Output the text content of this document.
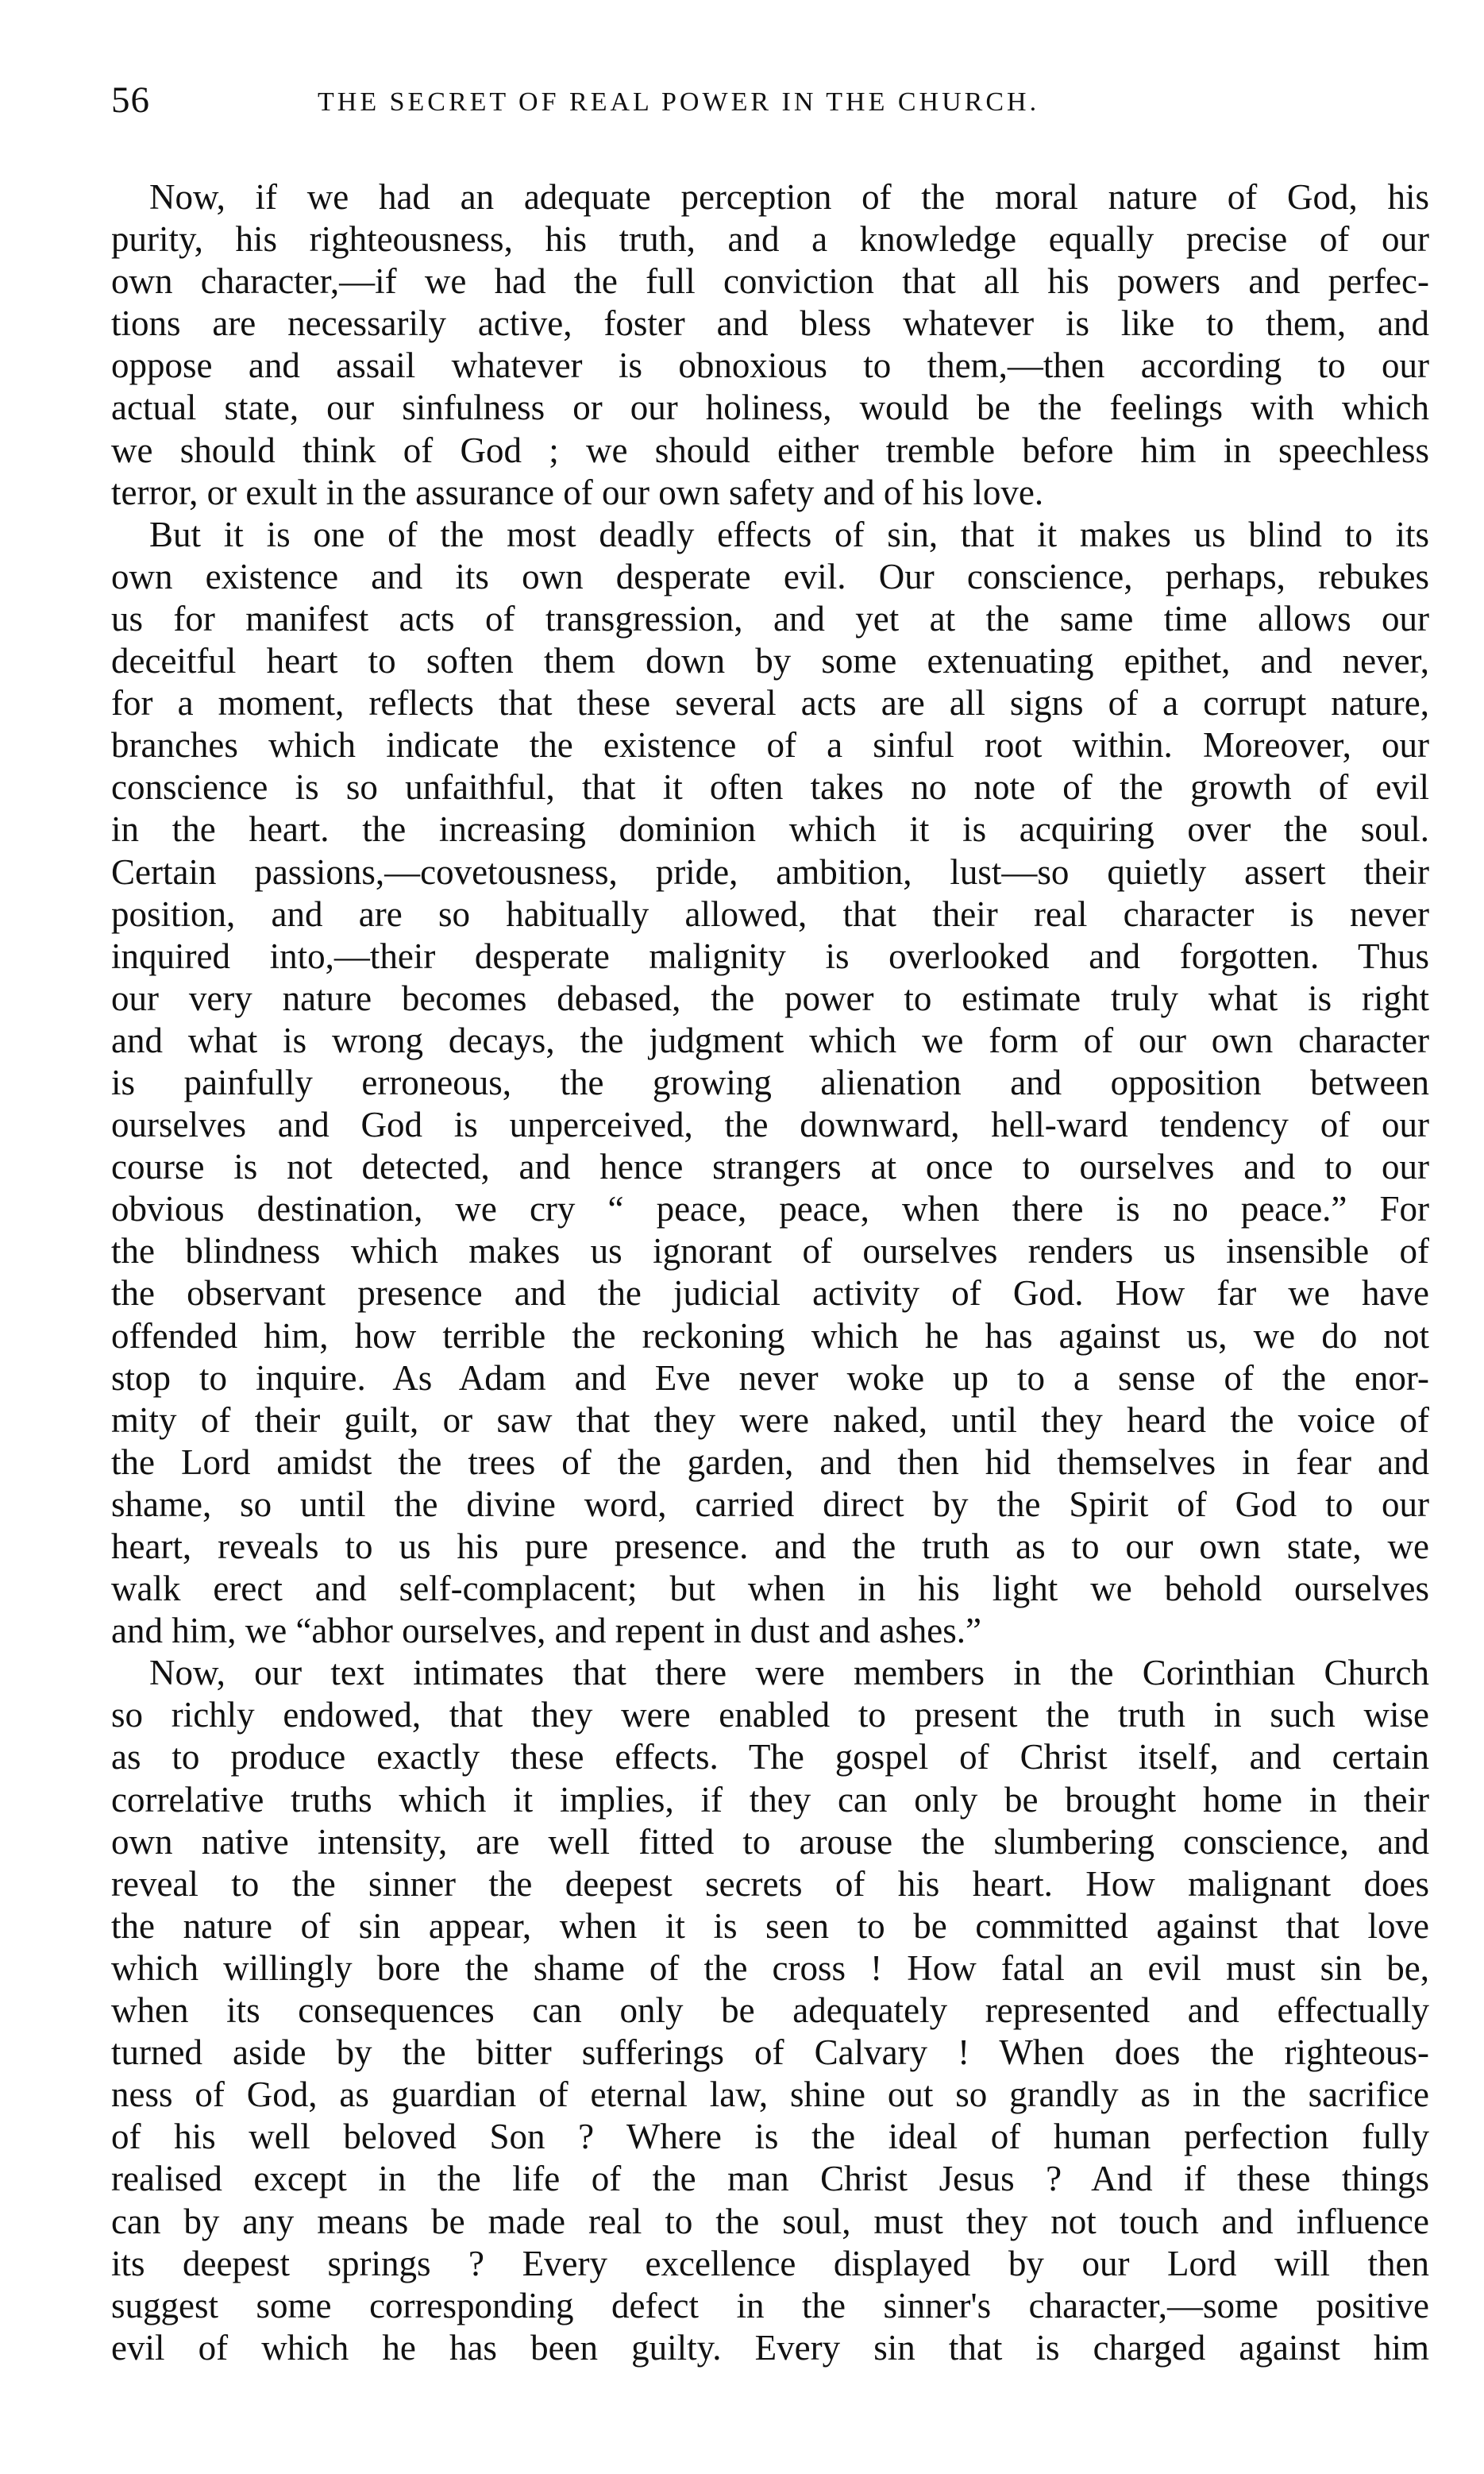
56	THE SECRET OF REAL POWER IN THE CHURCH.
Now, if we had an adequate perception of the moral nature of God, his
purity, his righteousness, his truth, and a knowledge equally precise of our
own character,—if we had the full conviction that all his powers and perfec-
tions are necessarily active, foster and bless whatever is like to them, and
oppose and assail whatever is obnoxious to them,—then according to our
actual state, our sinfulness or our holiness, would be the feelings with which
we should think of God ; we should either tremble before him in speechless
terror, or exult in the assurance of our own safety and of his love.
But it is one of the most deadly effects of sin, that it makes us blind to its
own existence and its own desperate evil. Our conscience, perhaps, rebukes
us for manifest acts of transgression, and yet at the same time allows our
deceitful heart to soften them down by some extenuating epithet, and never,
for a moment, reflects that these several acts are all signs of a corrupt nature,
branches which indicate the existence of a sinful root within. Moreover, our
conscience is so unfaithful, that it often takes no note of the growth of evil
in the heart. the increasing dominion which it is acquiring over the soul.
Certain passions,—covetousness, pride, ambition, lust—so quietly assert their
position, and are so habitually allowed, that their real character is never
inquired into,—their desperate malignity is overlooked and forgotten. Thus
our very nature becomes debased, the power to estimate truly what is right
and what is wrong decays, the judgment which we form of our own character
is painfully erroneous, the growing alienation and opposition between
ourselves and God is unperceived, the downward, hell-ward tendency of our
course is not detected, and hence strangers at once to ourselves and to our
obvious destination, we cry “ peace, peace, when there is no peace.” For
the blindness which makes us ignorant of ourselves renders us insensible of
the observant presence and the judicial activity of God. How far we have
offended him, how terrible the reckoning which he has against us, we do not
stop to inquire. As Adam and Eve never woke up to a sense of the enor-
mity of their guilt, or saw that they were naked, until they heard the voice of
the Lord amidst the trees of the garden, and then hid themselves in fear and
shame, so until the divine word, carried direct by the Spirit of God to our
heart, reveals to us his pure presence. and the truth as to our own state, we
walk erect and self-complacent; but when in his light we behold ourselves
and him, we “abhor ourselves, and repent in dust and ashes.”
Now, our text intimates that there were members in the Corinthian Church
so richly endowed, that they were enabled to present the truth in such wise
as to produce exactly these effects. The gospel of Christ itself, and certain
correlative truths which it implies, if they can only be brought home in their
own native intensity, are well fitted to arouse the slumbering conscience, and
reveal to the sinner the deepest secrets of his heart. How malignant does
the nature of sin appear, when it is seen to be committed against that love
which willingly bore the shame of the cross ! How fatal an evil must sin be,
when its consequences can only be adequately represented and effectually
turned aside by the bitter sufferings of Calvary ! When does the righteous-
ness of God, as guardian of eternal law, shine out so grandly as in the sacrifice
of his well beloved Son ? Where is the ideal of human perfection fully
realised except in the life of the man Christ Jesus ? And if these things
can by any means be made real to the soul, must they not touch and influence
its deepest springs ? Every excellence displayed by our Lord will then
suggest some corresponding defect in the sinner's character,—some positive
evil of which he has been guilty. Every sin that is charged against him
